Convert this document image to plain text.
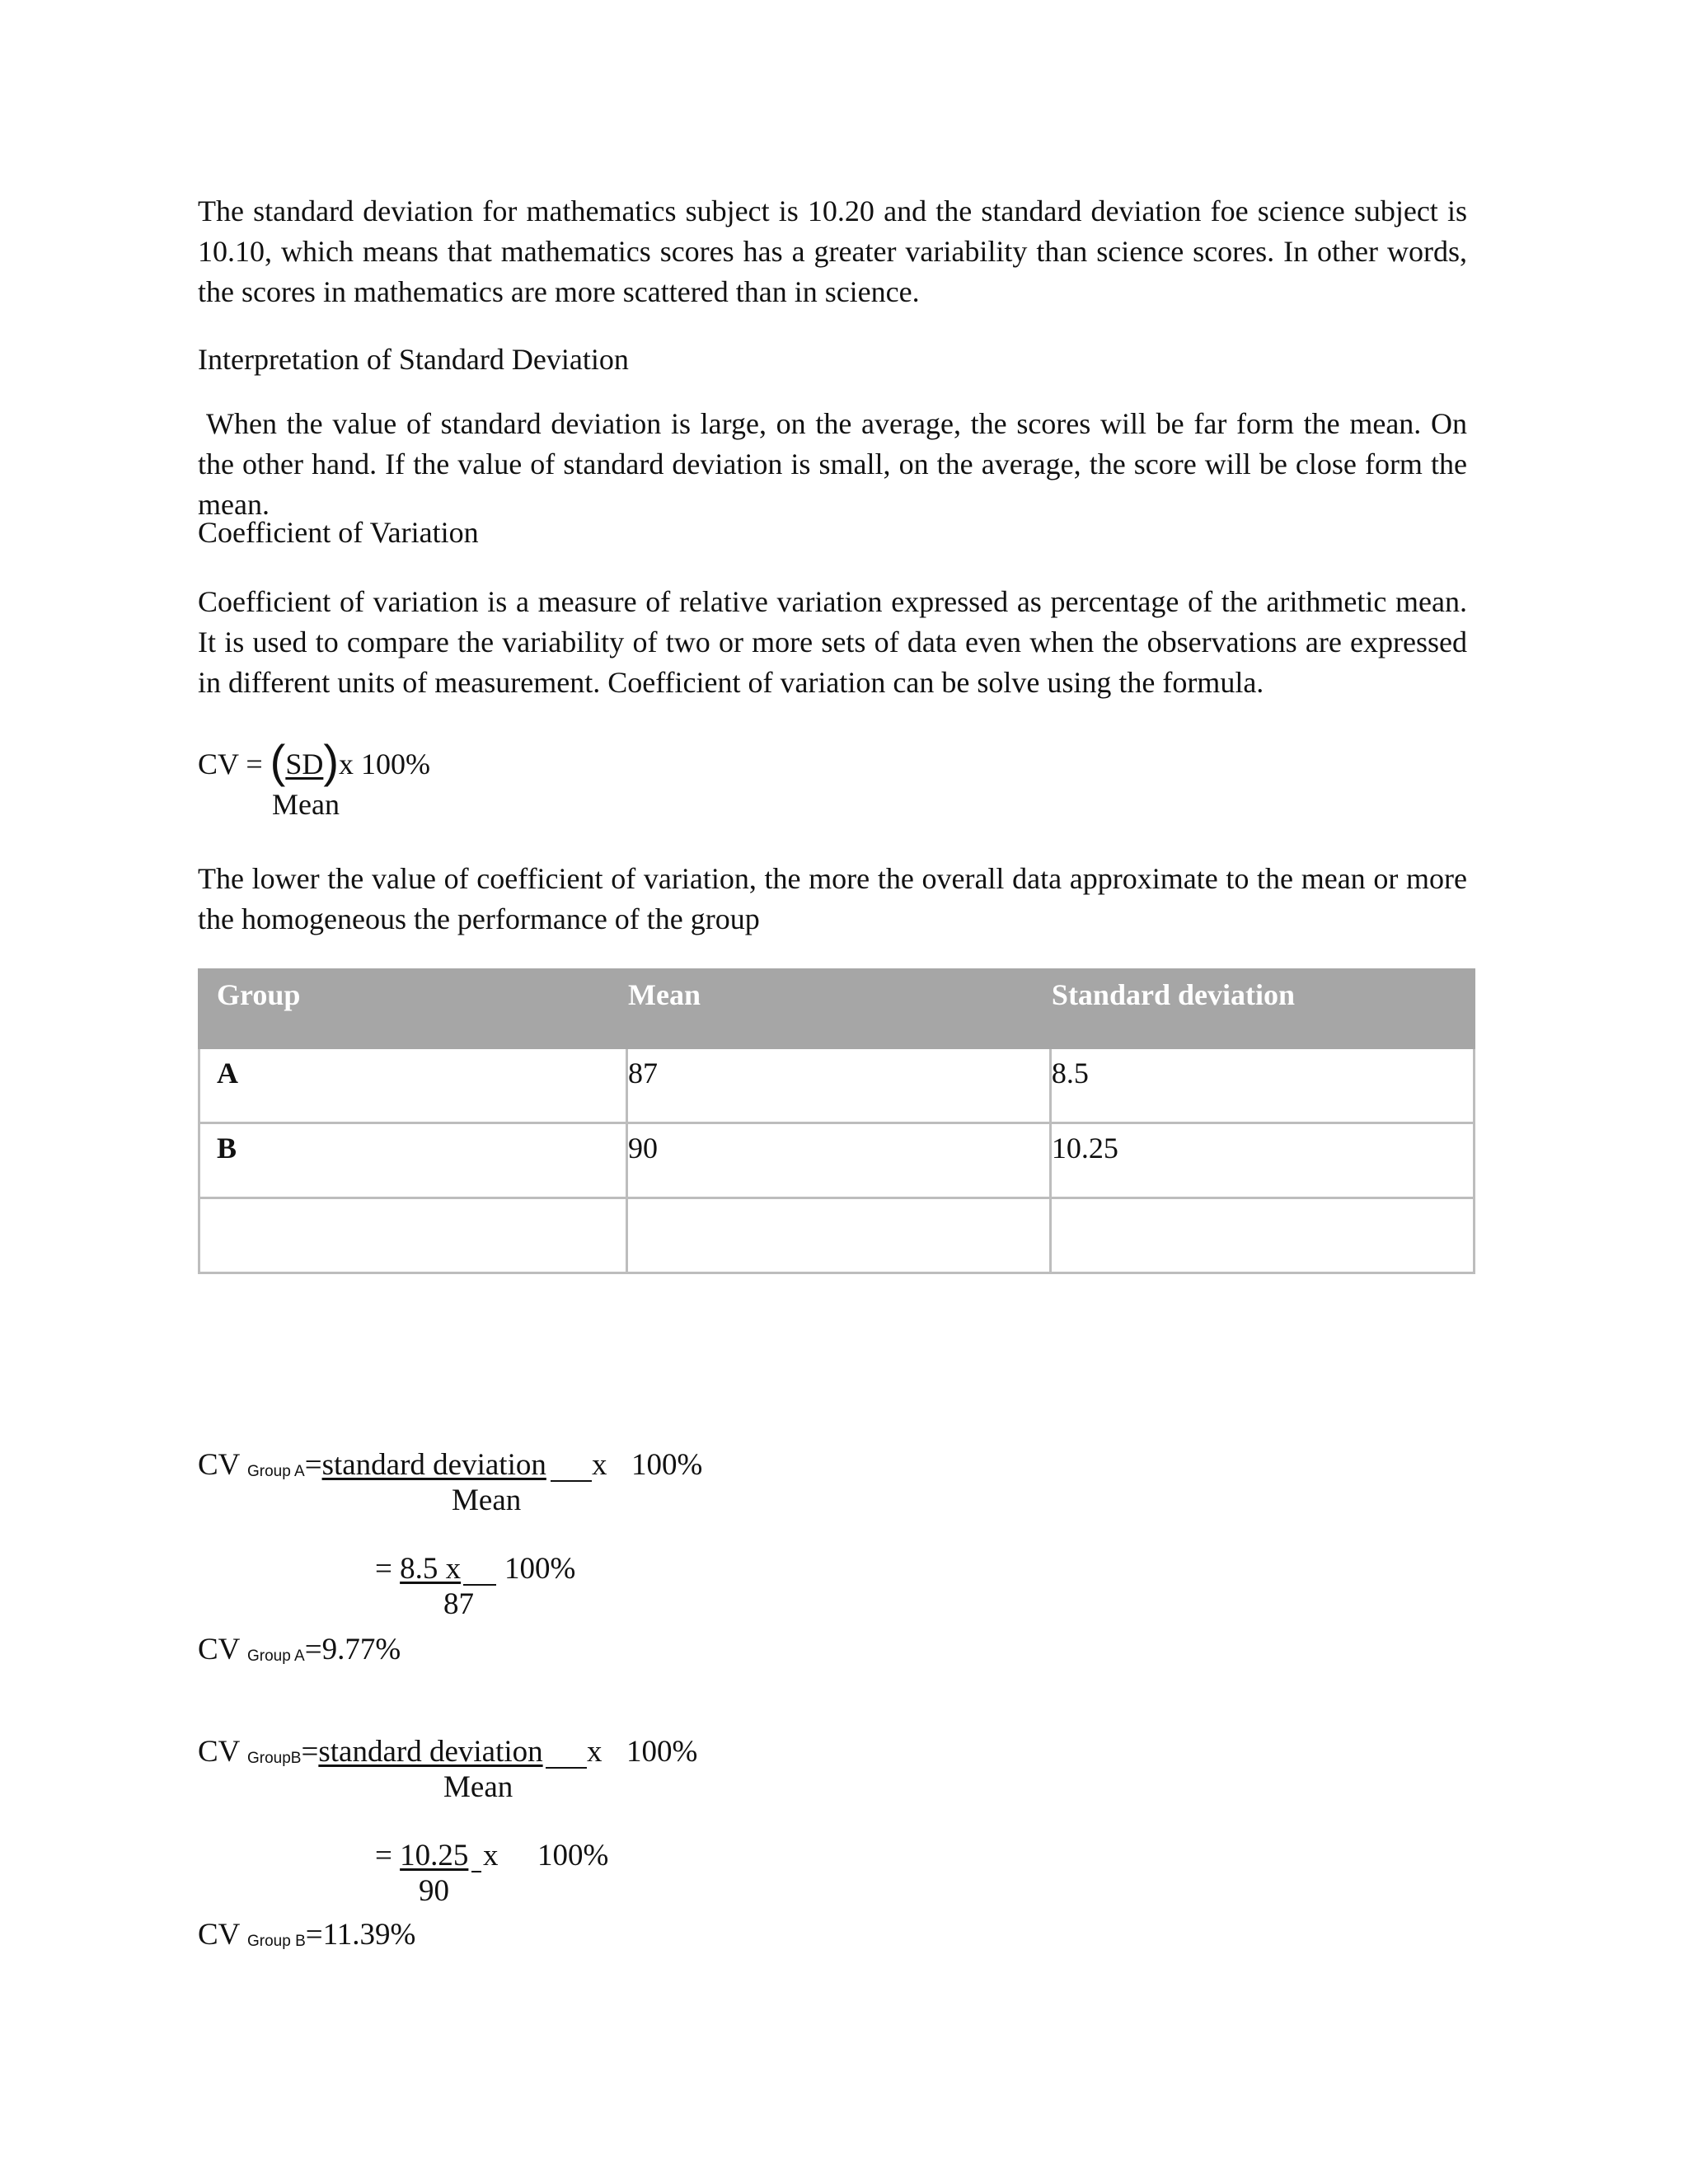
The standard deviation for mathematics subject is 10.20 and the standard deviation foe science subject is 10.10, which means that mathematics scores has a greater variability than science scores. In other words, the scores in mathematics are more scattered than in science.

Interpretation of Standard Deviation

When the value of standard deviation is large, on the average, the scores will be far form the mean. On the other hand. If the value of standard deviation is small, on the average, the score will be close form the mean.

Coefficient of Variation

Coefficient of variation is a measure of relative variation expressed as percentage of the arithmetic mean. It is used to compare the variability of two or more sets of data even when the observations are expressed in different units of measurement. Coefficient of variation can be solve using the formula.

CV = (SD)x 100%
Mean

The lower the value of coefficient of variation, the more the overall data approximate to the mean or more the homogeneous the performance of the group

Group	Mean	Standard deviation
A	87	8.5
B	90	10.25

CV Group A=standard deviation x 100%
Mean
= 8.5 x 100%
87
CV Group A=9.77%
CV GroupB=standard deviation x 100%
Mean
= 10.25 x 100%
90
CV Group B=11.39%
